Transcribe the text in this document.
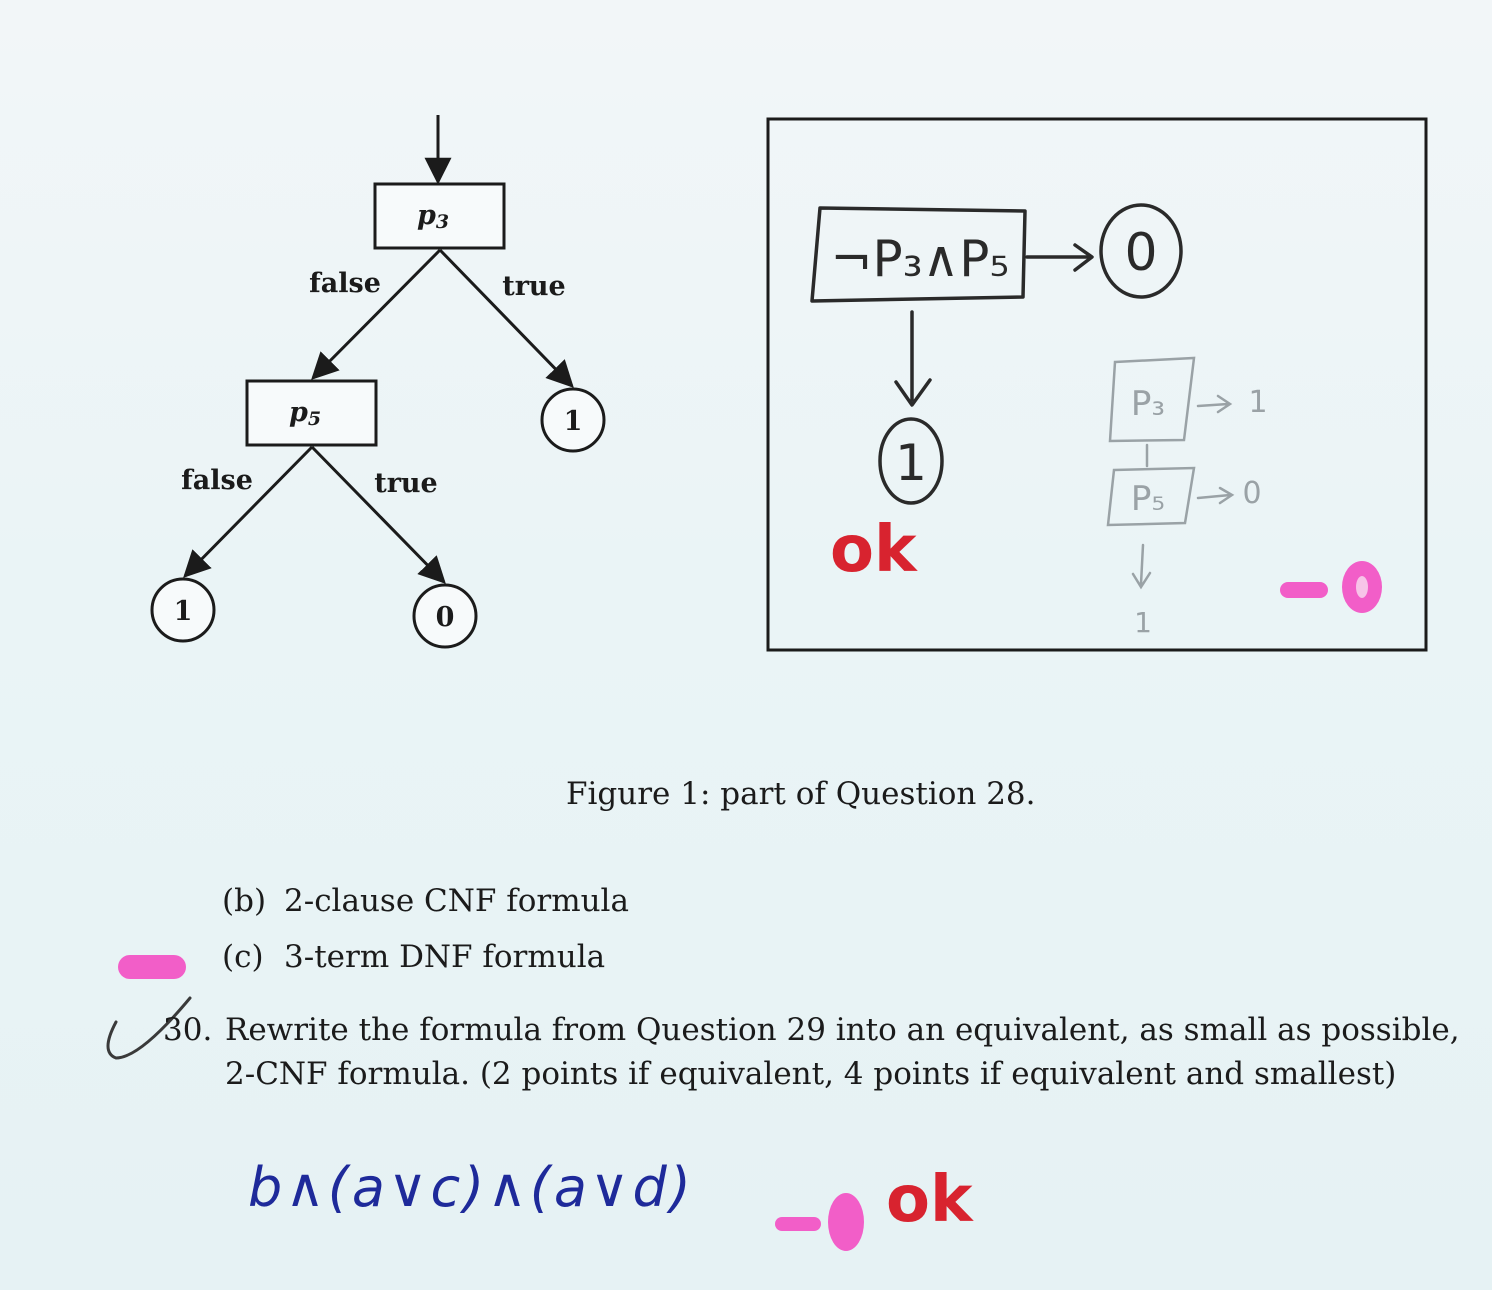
p3
p5
false	true
false	true
1
1	0
¬P₃∧P₅ 0
1
P₃	1
P₅	0
1
ok
Figure 1: part of Question 28.
(b) 2-clause CNF formula
(c) 3-term DNF formula
30. Rewrite the formula from Question 29 into an equivalent, as small as possible,
2-CNF formula. (2 points if equivalent, 4 points if equivalent and smallest)
b∧(a∨c)∧(a∨d)	ok
